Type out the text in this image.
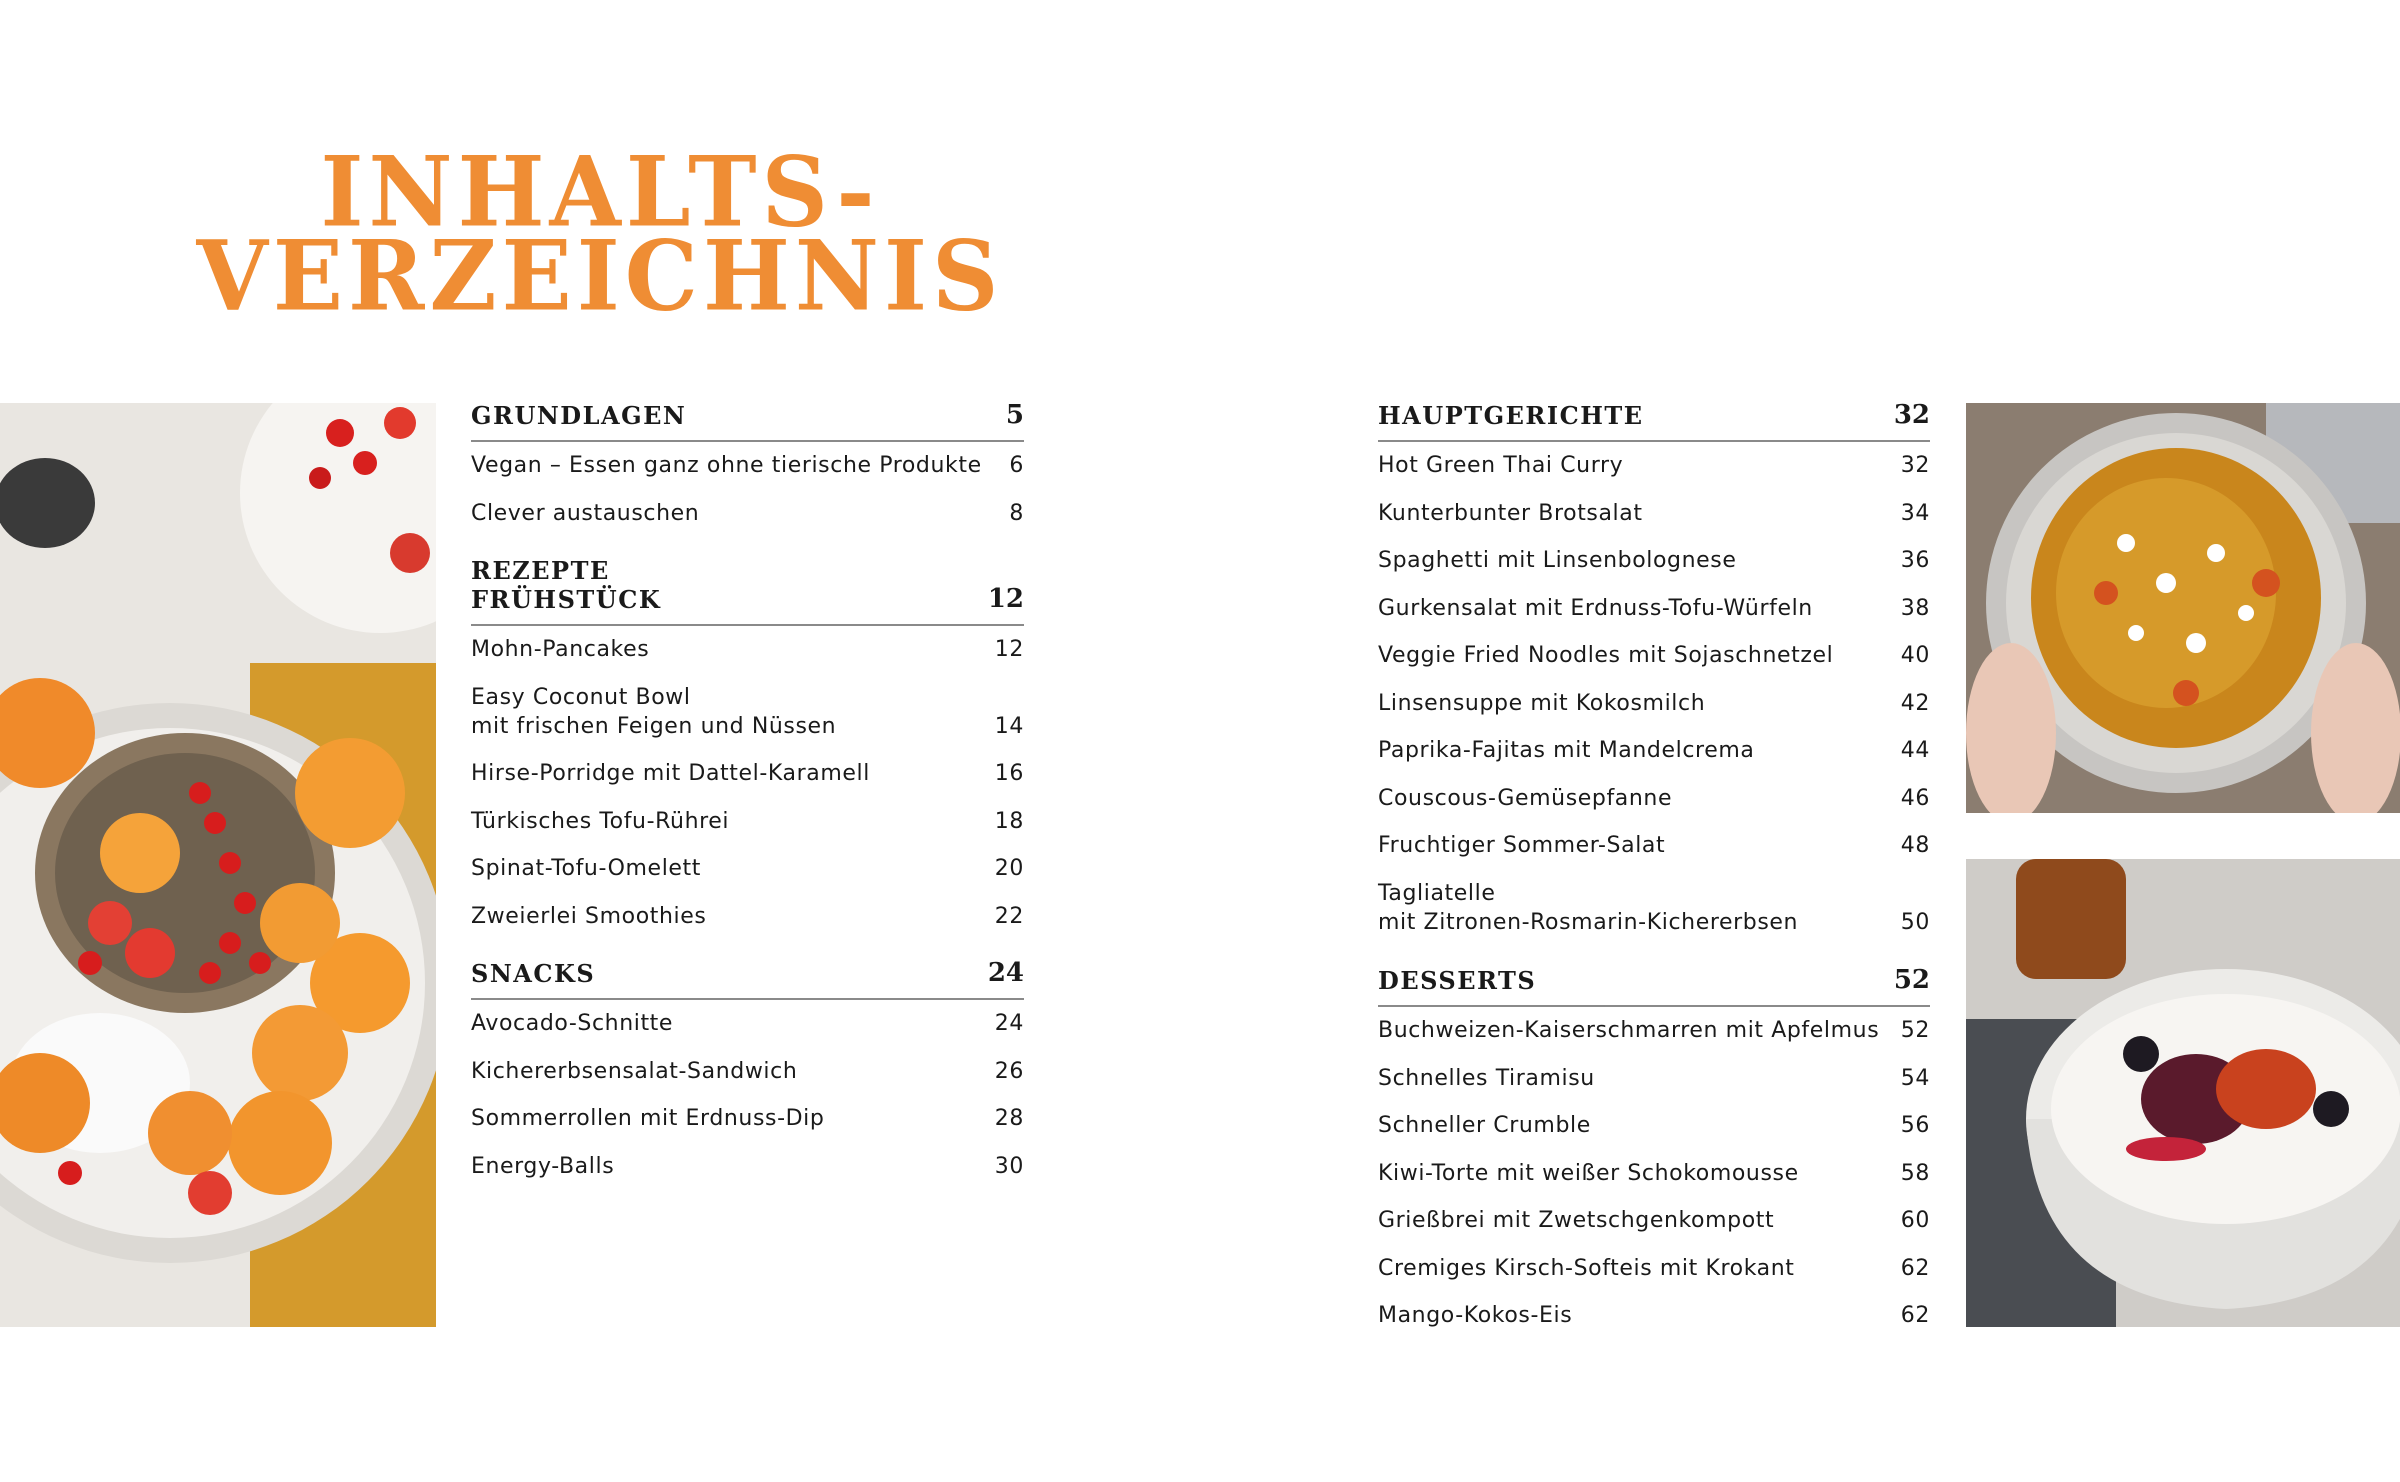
INHALTS-
VERZEICHNIS
GRUNDLAGEN	5
Vegan – Essen ganz ohne tierische Produkte 6
Clever austauschen	8
REZEPTE
FRÜHSTÜCK	12
Mohn-Pancakes	12
Easy Coconut Bowl
mit frischen Feigen und Nüssen	14
Hirse-Porridge mit Dattel-Karamell	16
Türkisches Tofu-Rührei	18
Spinat-Tofu-Omelett	20
Zweierlei Smoothies	22
SNACKS	24
Avocado-Schnitte	24
Kichererbsensalat-Sandwich	26
Sommerrollen mit Erdnuss-Dip	28
Energy-Balls	30
HAUPTGERICHTE	32
Hot Green Thai Curry	32
Kunterbunter Brotsalat	34
Spaghetti mit Linsenbolognese	36
Gurkensalat mit Erdnuss-Tofu-Würfeln	38
Veggie Fried Noodles mit Sojaschnetzel	40
Linsensuppe mit Kokosmilch	42
Paprika-Fajitas mit Mandelcrema	44
Couscous-Gemüsepfanne	46
Fruchtiger Sommer-Salat	48
Tagliatelle
mit Zitronen-Rosmarin-Kichererbsen	50
DESSERTS	52
Buchweizen-Kaiserschmarren mit Apfelmus 52
Schnelles Tiramisu	54
Schneller Crumble	56
Kiwi-Torte mit weißer Schokomousse	58
Grießbrei mit Zwetschgenkompott	60
Cremiges Kirsch-Softeis mit Krokant	62
Mango-Kokos-Eis	62
